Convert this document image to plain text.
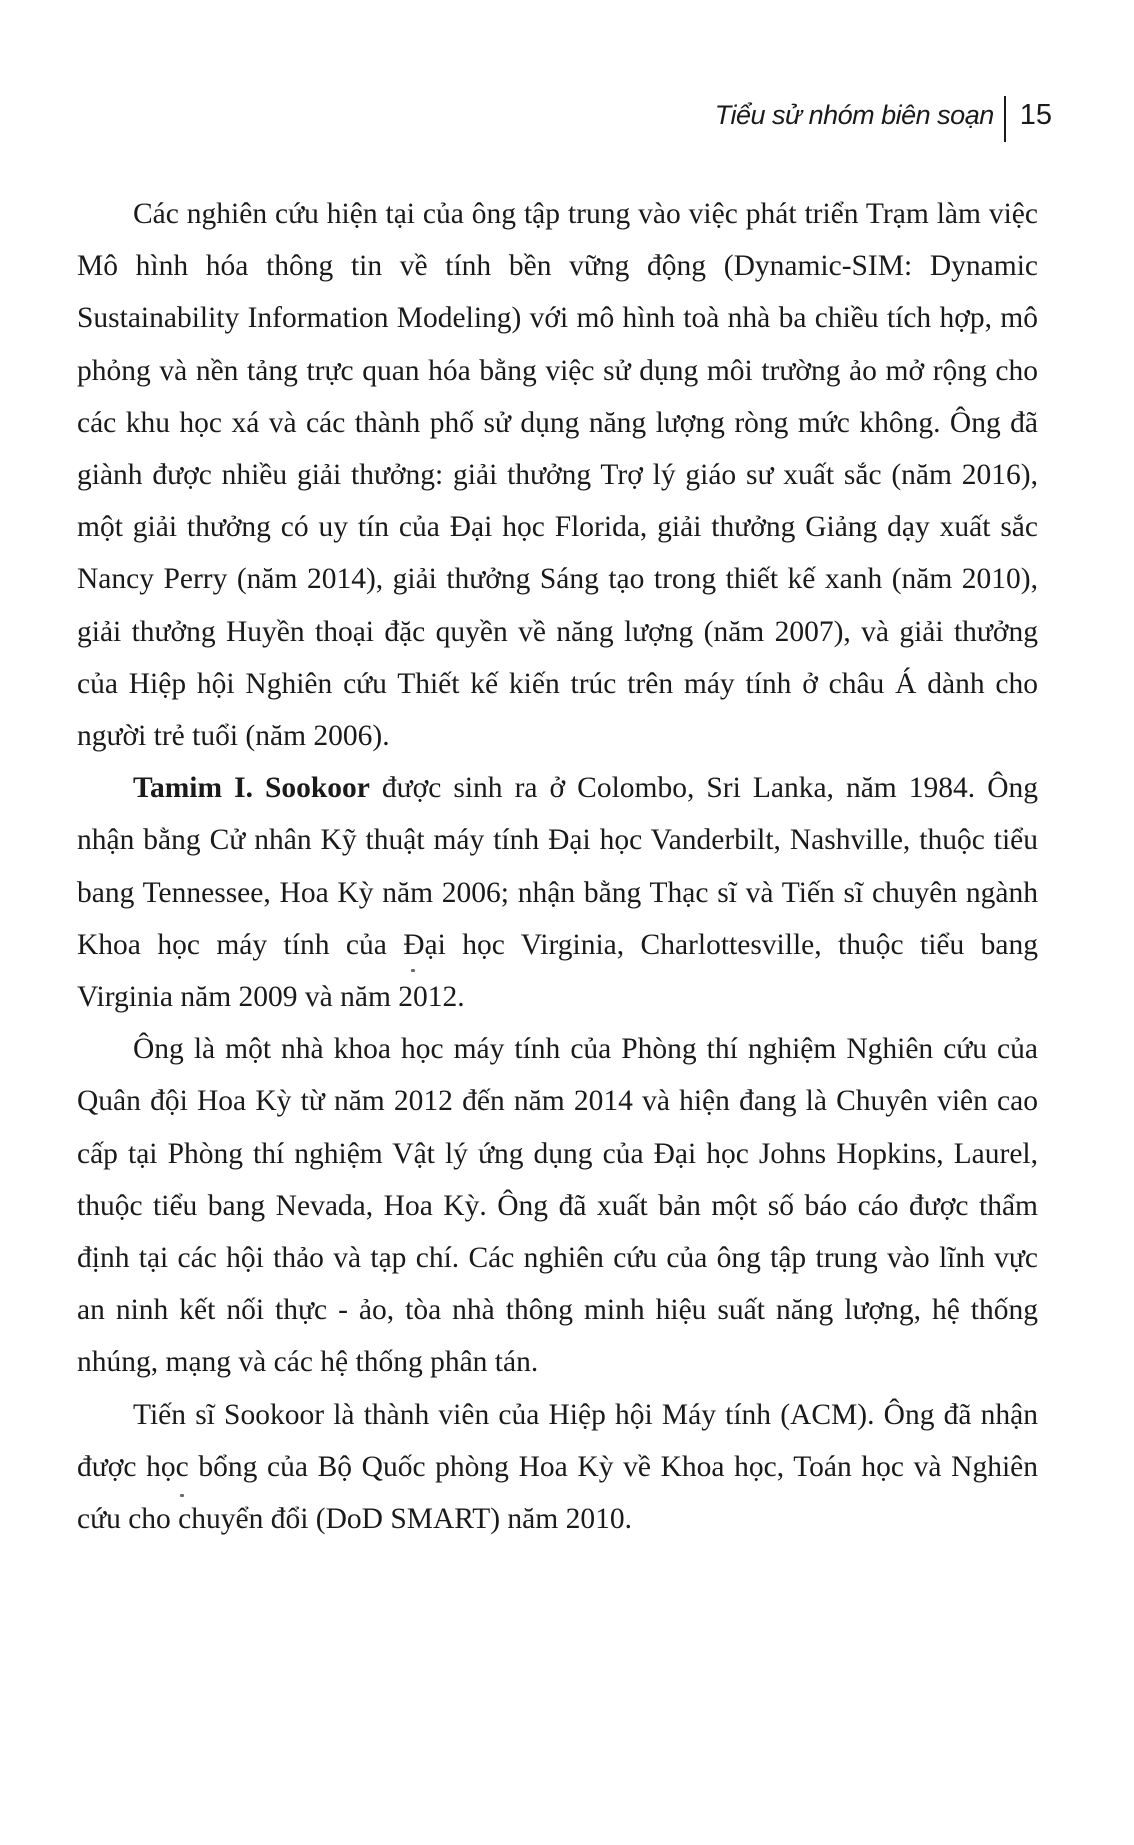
Tiểu sử nhóm biên soạn 15

Các nghiên cứu hiện tại của ông tập trung vào việc phát triển Trạm làm việc Mô hình hóa thông tin về tính bền vững động (Dynamic-SIM: Dynamic Sustainability Information Modeling) với mô hình toà nhà ba chiều tích hợp, mô phỏng và nền tảng trực quan hóa bằng việc sử dụng môi trường ảo mở rộng cho các khu học xá và các thành phố sử dụng năng lượng ròng mức không. Ông đã giành được nhiều giải thưởng: giải thưởng Trợ lý giáo sư xuất sắc (năm 2016), một giải thưởng có uy tín của Đại học Florida, giải thưởng Giảng dạy xuất sắc Nancy Perry (năm 2014), giải thưởng Sáng tạo trong thiết kế xanh (năm 2010), giải thưởng Huyền thoại đặc quyền về năng lượng (năm 2007), và giải thưởng của Hiệp hội Nghiên cứu Thiết kế kiến trúc trên máy tính ở châu Á dành cho người trẻ tuổi (năm 2006).

Tamim I. Sookoor được sinh ra ở Colombo, Sri Lanka, năm 1984. Ông nhận bằng Cử nhân Kỹ thuật máy tính Đại học Vanderbilt, Nashville, thuộc tiểu bang Tennessee, Hoa Kỳ năm 2006; nhận bằng Thạc sĩ và Tiến sĩ chuyên ngành Khoa học máy tính của Đại học Virginia, Charlottesville, thuộc tiểu bang Virginia năm 2009 và năm 2012.

Ông là một nhà khoa học máy tính của Phòng thí nghiệm Nghiên cứu của Quân đội Hoa Kỳ từ năm 2012 đến năm 2014 và hiện đang là Chuyên viên cao cấp tại Phòng thí nghiệm Vật lý ứng dụng của Đại học Johns Hopkins, Laurel, thuộc tiểu bang Nevada, Hoa Kỳ. Ông đã xuất bản một số báo cáo được thẩm định tại các hội thảo và tạp chí. Các nghiên cứu của ông tập trung vào lĩnh vực an ninh kết nối thực - ảo, tòa nhà thông minh hiệu suất năng lượng, hệ thống nhúng, mạng và các hệ thống phân tán.

Tiến sĩ Sookoor là thành viên của Hiệp hội Máy tính (ACM). Ông đã nhận được học bổng của Bộ Quốc phòng Hoa Kỳ về Khoa học, Toán học và Nghiên cứu cho chuyển đổi (DoD SMART) năm 2010.
